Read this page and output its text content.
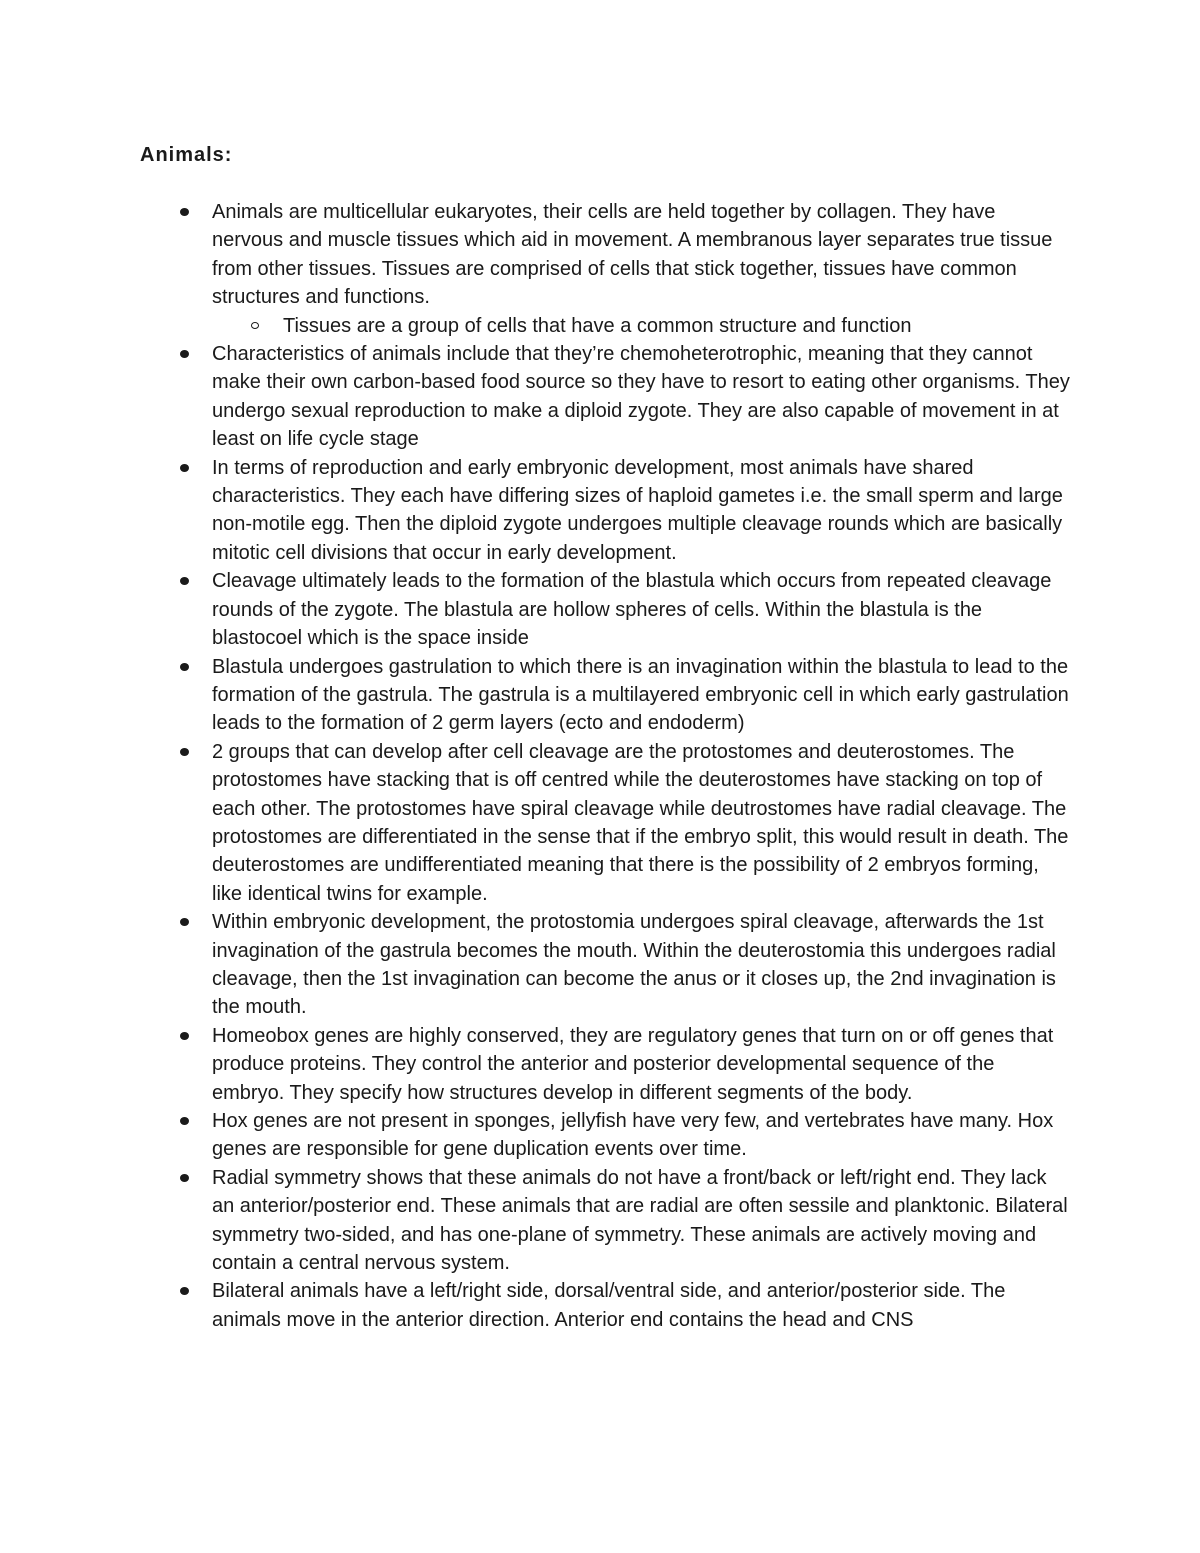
Animals:
Animals are multicellular eukaryotes, their cells are held together by collagen. They have nervous and muscle tissues which aid in movement. A membranous layer separates true tissue from other tissues. Tissues are comprised of cells that stick together, tissues have common structures and functions.
Tissues are a group of cells that have a common structure and function
Characteristics of animals include that they’re chemoheterotrophic, meaning that they cannot make their own carbon-based food source so they have to resort to eating other organisms. They undergo sexual reproduction to make a diploid zygote. They are also capable of movement in at least on life cycle stage
In terms of reproduction and early embryonic development, most animals have shared characteristics. They each have differing sizes of haploid gametes i.e. the small sperm and large non-motile egg. Then the diploid zygote undergoes multiple cleavage rounds which are basically mitotic cell divisions that occur in early development.
Cleavage ultimately leads to the formation of the blastula which occurs from repeated cleavage rounds of the zygote. The blastula are hollow spheres of cells. Within the blastula is the blastocoel which is the space inside
Blastula undergoes gastrulation to which there is an invagination within the blastula to lead to the formation of the gastrula. The gastrula is a multilayered embryonic cell in which early gastrulation leads to the formation of 2 germ layers (ecto and endoderm)
2 groups that can develop after cell cleavage are the protostomes and deuterostomes. The protostomes have stacking that is off centred while the deuterostomes have stacking on top of each other. The protostomes have spiral cleavage while deutrostomes have radial cleavage. The protostomes are differentiated in the sense that if the embryo split, this would result in death. The deuterostomes are undifferentiated meaning that there is the possibility of 2 embryos forming, like identical twins for example.
Within embryonic development, the protostomia undergoes spiral cleavage, afterwards the 1st invagination of the gastrula becomes the mouth. Within the deuterostomia this undergoes radial cleavage, then the 1st invagination can become the anus or it closes up, the 2nd invagination is the mouth.
Homeobox genes are highly conserved, they are regulatory genes that turn on or off genes that produce proteins. They control the anterior and posterior developmental sequence of the embryo. They specify how structures develop in different segments of the body.
Hox genes are not present in sponges, jellyfish have very few, and vertebrates have many. Hox genes are responsible for gene duplication events over time.
Radial symmetry shows that these animals do not have a front/back or left/right end. They lack an anterior/posterior end. These animals that are radial are often sessile and planktonic. Bilateral symmetry two-sided, and has one-plane of symmetry. These animals are actively moving and contain a central nervous system.
Bilateral animals have a left/right side, dorsal/ventral side, and anterior/posterior side. The animals move in the anterior direction. Anterior end contains the head and CNS
